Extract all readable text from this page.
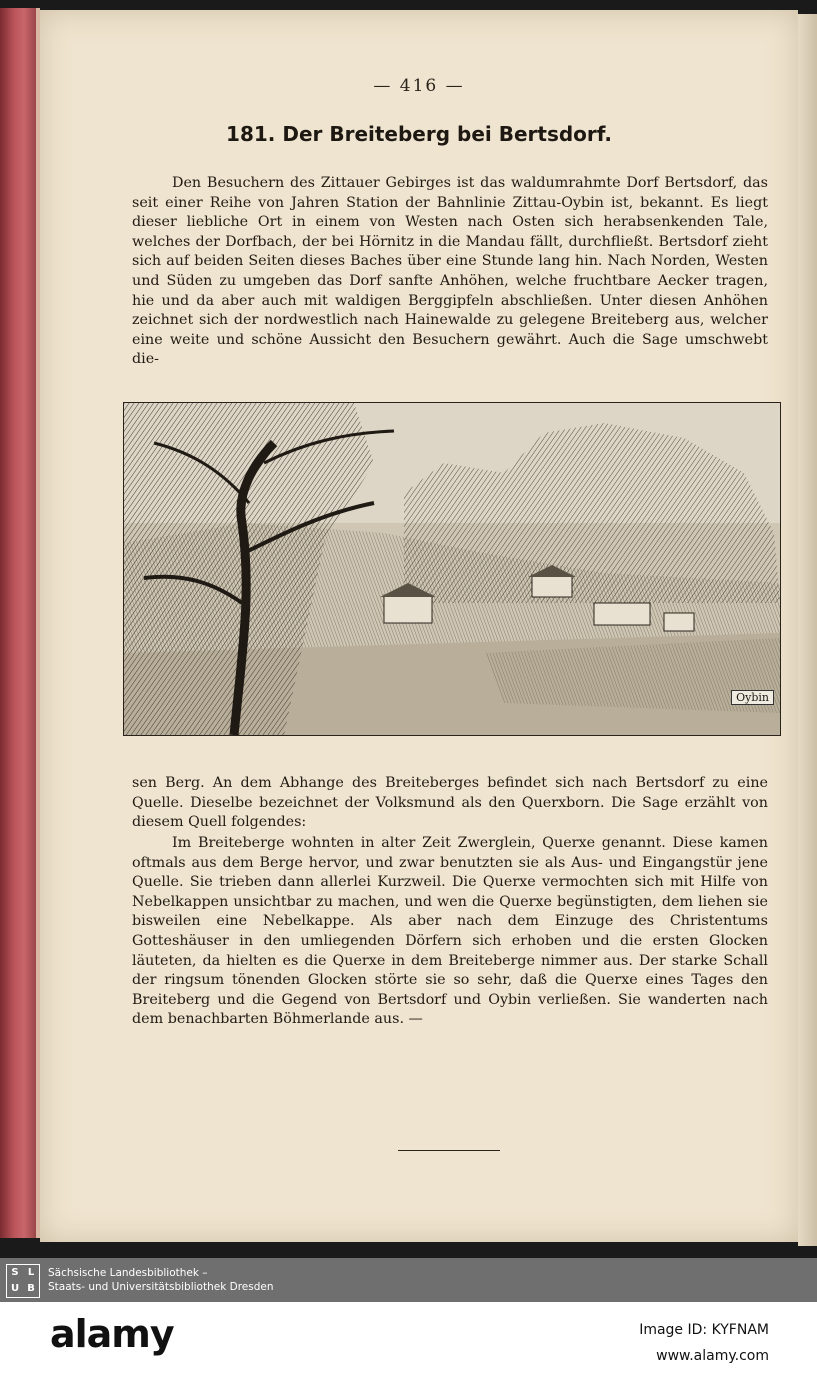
— 416 —
181. Der Breiteberg bei Bertsdorf.
Den Besuchern des Zittauer Gebirges ist das waldumrahmte Dorf Bertsdorf, das seit einer Reihe von Jahren Station der Bahnlinie Zittau-Oybin ist, bekannt. Es liegt dieser liebliche Ort in einem von Westen nach Osten sich herabsenkenden Tale, welches der Dorfbach, der bei Hörnitz in die Mandau fällt, durchfließt. Bertsdorf zieht sich auf beiden Seiten dieses Baches über eine Stunde lang hin. Nach Norden, Westen und Süden zu umgeben das Dorf sanfte Anhöhen, welche fruchtbare Aecker tragen, hie und da aber auch mit waldigen Berggipfeln abschließen. Unter diesen Anhöhen zeichnet sich der nordwestlich nach Hainewalde zu gelegene Breiteberg aus, welcher eine weite und schöne Aussicht den Besuchern gewährt. Auch die Sage umschwebt die-
Oybin
sen Berg. An dem Abhange des Breiteberges befindet sich nach Bertsdorf zu eine Quelle. Dieselbe bezeichnet der Volksmund als den Querxborn. Die Sage erzählt von diesem Quell folgendes:
Im Breiteberge wohnten in alter Zeit Zwerglein, Querxe genannt. Diese kamen oftmals aus dem Berge hervor, und zwar benutzten sie als Aus- und Eingangstür jene Quelle. Sie trieben dann allerlei Kurzweil. Die Querxe vermochten sich mit Hilfe von Nebelkappen unsichtbar zu machen, und wen die Querxe begünstigten, dem liehen sie bisweilen eine Nebelkappe. Als aber nach dem Einzuge des Christentums Gotteshäuser in den umliegenden Dörfern sich erhoben und die ersten Glocken läuteten, da hielten es die Querxe in dem Breiteberge nimmer aus. Der starke Schall der ringsum tönenden Glocken störte sie so sehr, daß die Querxe eines Tages den Breiteberg und die Gegend von Bertsdorf und Oybin verließen. Sie wanderten nach dem benachbarten Böhmerlande aus. —
S L
U B
Sächsische Landesbibliothek –
Staats- und Universitätsbibliothek Dresden
alamy	Image ID: KYFNAM
www.alamy.com
